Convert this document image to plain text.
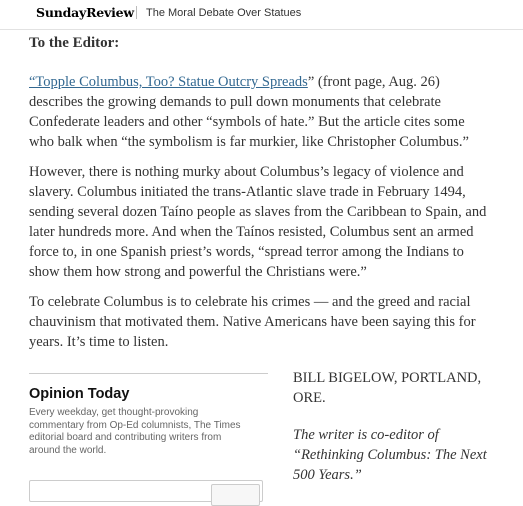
SundayReview The Moral Debate Over Statues
To the Editor:

“Topple Columbus, Too? Statue Outcry Spreads” (front page, Aug. 26) describes the growing demands to pull down monuments that celebrate Confederate leaders and other “symbols of hate.” But the article cites some who balk when “the symbolism is far murkier, like Christopher Columbus.”

However, there is nothing murky about Columbus’s legacy of violence and slavery. Columbus initiated the trans-Atlantic slave trade in February 1494, sending several dozen Taíno people as slaves from the Caribbean to Spain, and later hundreds more. And when the Taínos resisted, Columbus sent an armed force to, in one Spanish priest’s words, “spread terror among the Indians to show them how strong and powerful the Christians were.”

To celebrate Columbus is to celebrate his crimes — and the greed and racial chauvinism that motivated them. Native Americans have been saying this for years. It’s time to listen.

Opinion Today
Every weekday, get thought-provoking commentary from Op-Ed columnists, The Times editorial board and contributing writers from around the world.

BILL BIGELOW, PORTLAND, ORE.

The writer is co-editor of “Rethinking Columbus: The Next 500 Years.”
